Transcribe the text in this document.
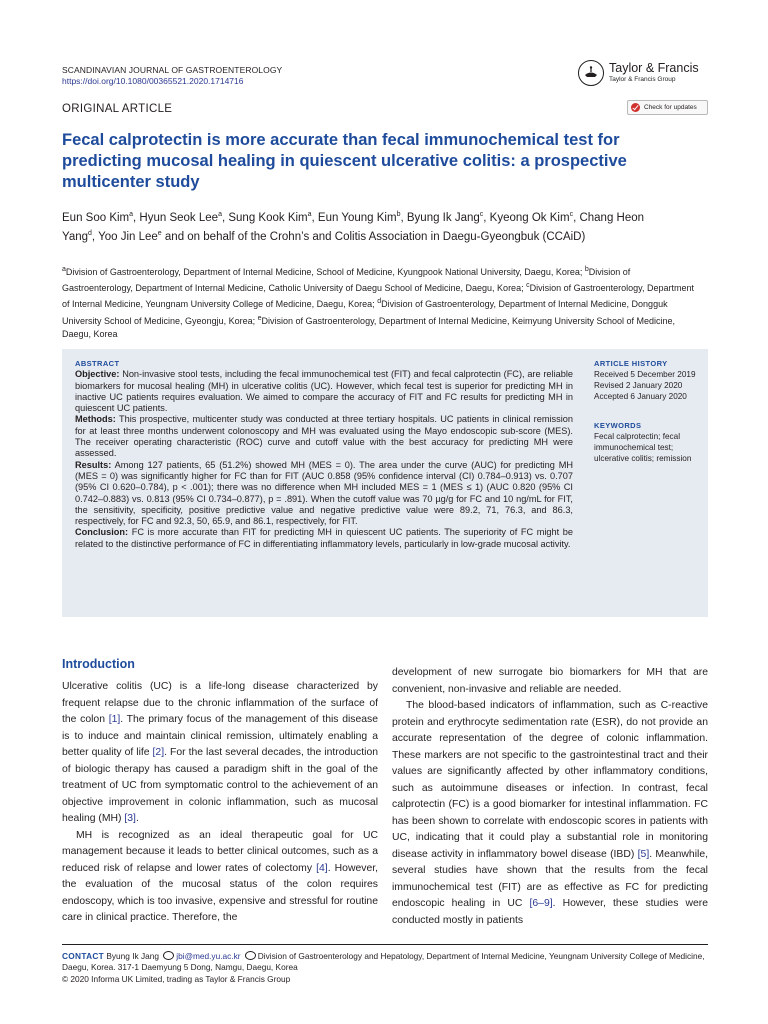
SCANDINAVIAN JOURNAL OF GASTROENTEROLOGY
https://doi.org/10.1080/00365521.2020.1714716
Taylor & Francis
Taylor & Francis Group
ORIGINAL ARTICLE	Check for updates
Fecal calprotectin is more accurate than fecal immunochemical test for predicting mucosal healing in quiescent ulcerative colitis: a prospective multicenter study
Eun Soo Kim$^a$, Hyun Seok Lee$^a$, Sung Kook Kim$^a$, Eun Young Kim$^b$, Byung Ik Jang$^c$, Kyeong Ok Kim$^c$, Chang Heon Yang$^d$, Yoo Jin Lee$^e$ and on behalf of the Crohn’s and Colitis Association in Daegu-Gyeongbuk (CCAiD)
$^a$Division of Gastroenterology, Department of Internal Medicine, School of Medicine, Kyungpook National University, Daegu, Korea; $^b$Division of Gastroenterology, Department of Internal Medicine, Catholic University of Daegu School of Medicine, Daegu, Korea; $^c$Division of Gastroenterology, Department of Internal Medicine, Yeungnam University College of Medicine, Daegu, Korea; $^d$Division of Gastroenterology, Department of Internal Medicine, Dongguk University School of Medicine, Gyeongju, Korea; $^e$Division of Gastroenterology, Department of Internal Medicine, Keimyung University School of Medicine, Daegu, Korea
ABSTRACT
Objective: Non-invasive stool tests, including the fecal immunochemical test (FIT) and fecal calprotectin (FC), are reliable biomarkers for mucosal healing (MH) in ulcerative colitis (UC). However, which fecal test is superior for predicting MH in inactive UC patients requires evaluation. We aimed to compare the accuracy of FIT and FC results for predicting MH in quiescent UC patients.
Methods: This prospective, multicenter study was conducted at three tertiary hospitals. UC patients in clinical remission for at least three months underwent colonoscopy and MH was evaluated using the Mayo endoscopic sub-score (MES). The receiver operating characteristic (ROC) curve and cutoff value with the best accuracy for predicting MH were assessed.
Results: Among 127 patients, 65 (51.2%) showed MH (MES = 0). The area under the curve (AUC) for predicting MH (MES = 0) was significantly higher for FC than for FIT (AUC 0.858 (95% confidence interval (CI) 0.784–0.913) vs. 0.707 (95% CI 0.620–0.784), p < .001); there was no difference when MH included MES = 1 (MES ≤ 1) (AUC 0.820 (95% CI 0.742–0.883) vs. 0.813 (95% CI 0.734–0.877), p = .891). When the cutoff value was 70 µg/g for FC and 10 ng/mL for FIT, the sensitivity, specificity, positive predictive value and negative predictive value were 89.2, 71, 76.3, and 86.3, respectively, for FC and 92.3, 50, 65.9, and 86.1, respectively, for FIT.
Conclusion: FC is more accurate than FIT for predicting MH in quiescent UC patients. The superiority of FC might be related to the distinctive performance of FC in differentiating inflammatory levels, particularly in low-grade mucosal activity.
ARTICLE HISTORY
Received 5 December 2019
Revised 2 January 2020
Accepted 6 January 2020
KEYWORDS
Fecal calprotectin; fecal immunochemical test; ulcerative colitis; remission
Introduction

Ulcerative colitis (UC) is a life-long disease characterized by frequent relapse due to the chronic inflammation of the surface of the colon [1]. The primary focus of the management of this disease is to induce and maintain clinical remission, ultimately enabling a better quality of life [2]. For the last several decades, the introduction of biologic therapy has caused a paradigm shift in the goal of the treatment of UC from symptomatic control to the achievement of an objective improvement in colonic inflammation, such as mucosal healing (MH) [3].

MH is recognized as an ideal therapeutic goal for UC management because it leads to better clinical outcomes, such as a reduced risk of relapse and lower rates of colectomy [4]. However, the evaluation of the mucosal status of the colon requires endoscopy, which is too invasive, expensive and stressful for routine care in clinical practice. Therefore, the

development of new surrogate bio biomarkers for MH that are convenient, non-invasive and reliable are needed.

The blood-based indicators of inflammation, such as C-reactive protein and erythrocyte sedimentation rate (ESR), do not provide an accurate representation of the degree of colonic inflammation. These markers are not specific to the gastrointestinal tract and their values are significantly affected by other inflammatory conditions, such as autoimmune diseases or infection. In contrast, fecal calprotectin (FC) is a good biomarker for intestinal inflammation. FC has been shown to correlate with endoscopic scores in patients with UC, indicating that it could play a substantial role in monitoring disease activity in inflammatory bowel disease (IBD) [5]. Meanwhile, several studies have shown that the results from the fecal immunochemical test (FIT) are as effective as FC for predicting endoscopic healing in UC [6–9]. However, these studies were conducted mostly in patients

CONTACT Byung Ik Jang jbi@med.yu.ac.kr Division of Gastroenterology and Hepatology, Department of Internal Medicine, Yeungnam University College of Medicine, Daegu, Korea. 317-1 Daemyung 5 Dong, Namgu, Daegu, Korea
© 2020 Informa UK Limited, trading as Taylor & Francis Group
